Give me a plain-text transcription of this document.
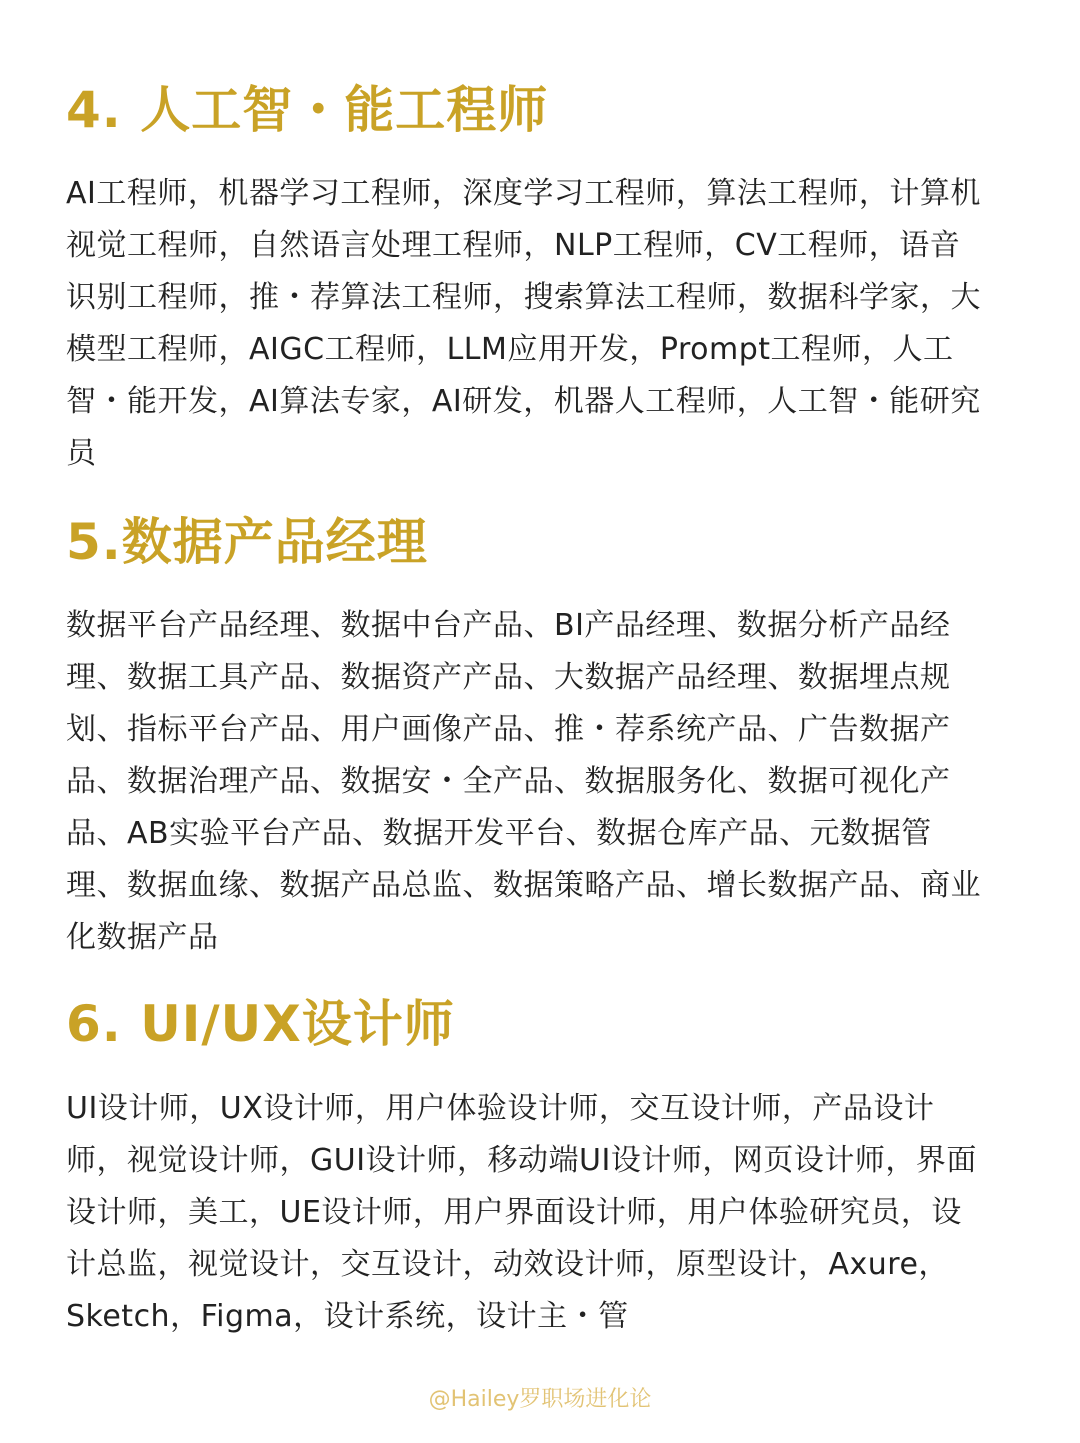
4. 人工智・能工程师

AI工程师，机器学习工程师，深度学习工程师，算法工程师，计算机视觉工程师，自然语言处理工程师，NLP工程师，CV工程师，语音识别工程师，推・荐算法工程师，搜索算法工程师，数据科学家，大模型工程师，AIGC工程师，LLM应用开发，Prompt工程师，人工智・能开发，AI算法专家，AI研发，机器人工程师，人工智・能研究员

5.数据产品经理

数据平台产品经理、数据中台产品、BI产品经理、数据分析产品经理、数据工具产品、数据资产产品、大数据产品经理、数据埋点规划、指标平台产品、用户画像产品、推・荐系统产品、广告数据产品、数据治理产品、数据安・全产品、数据服务化、数据可视化产品、AB实验平台产品、数据开发平台、数据仓库产品、元数据管理、数据血缘、数据产品总监、数据策略产品、增长数据产品、商业化数据产品

6. UI/UX设计师

UI设计师，UX设计师，用户体验设计师，交互设计师，产品设计师，视觉设计师，GUI设计师，移动端UI设计师，网页设计师，界面设计师，美工，UE设计师，用户界面设计师，用户体验研究员，设计总监，视觉设计，交互设计，动效设计师，原型设计，Axure，Sketch，Figma，设计系统，设计主・管

@Hailey罗职场进化论
